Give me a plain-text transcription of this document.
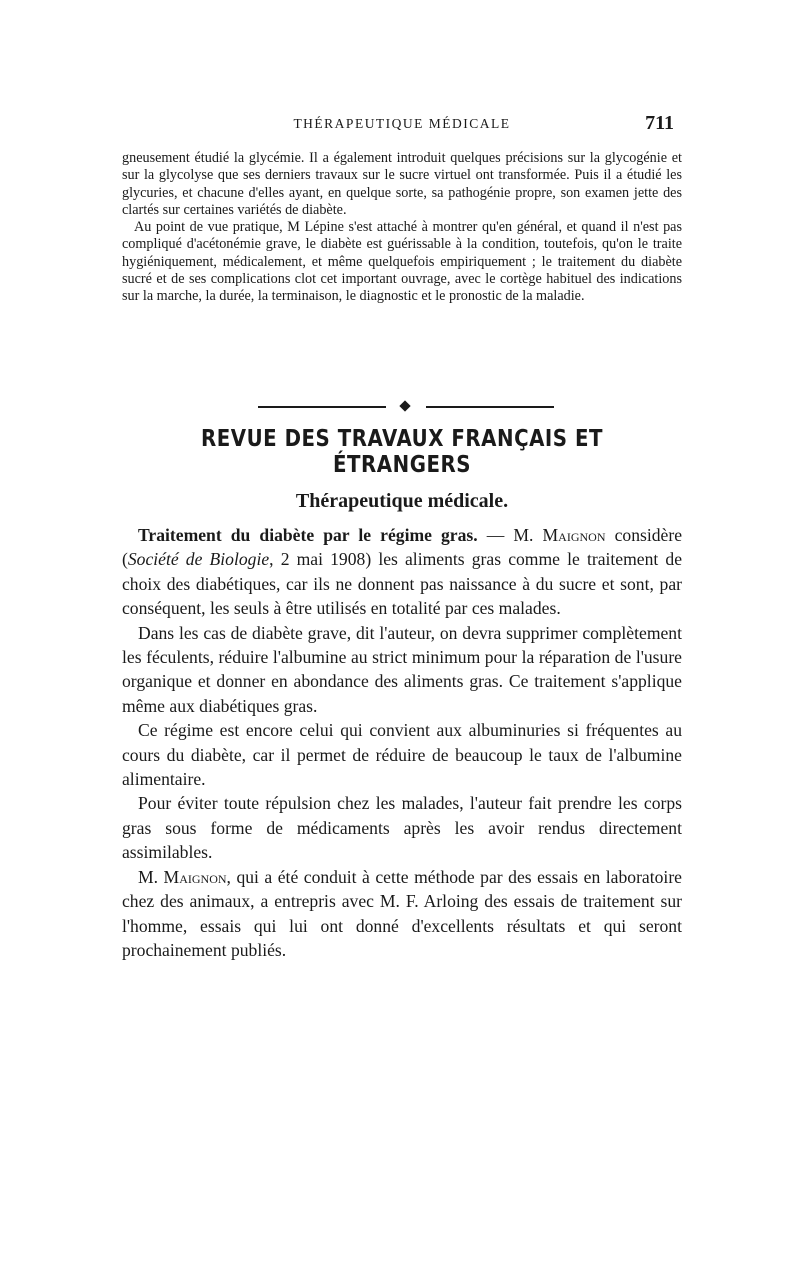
THÉRAPEUTIQUE MÉDICALE	711

gneusement étudié la glycémie. Il a également introduit quelques précisions sur la glycogénie et sur la glycolyse que ses derniers travaux sur le sucre virtuel ont transformée. Puis il a étudié les glycuries, et chacune d'elles ayant, en quelque sorte, sa pathogénie propre, son examen jette des clartés sur certaines variétés de diabète.

Au point de vue pratique, M Lépine s'est attaché à montrer qu'en général, et quand il n'est pas compliqué d'acétonémie grave, le diabète est guérissable à la condition, toutefois, qu'on le traite hygiéniquement, médicalement, et même quelquefois empiriquement ; le traitement du diabète sucré et de ses complications clot cet important ouvrage, avec le cortège habituel des indications sur la marche, la durée, la terminaison, le diagnostic et le pronostic de la maladie.

REVUE DES TRAVAUX FRANÇAIS ET ÉTRANGERS
Thérapeutique médicale.

Traitement du diabète par le régime gras. — M. Maignon considère (Société de Biologie, 2 mai 1908) les aliments gras comme le traitement de choix des diabétiques, car ils ne donnent pas naissance à du sucre et sont, par conséquent, les seuls à être utilisés en totalité par ces malades.

Dans les cas de diabète grave, dit l'auteur, on devra supprimer complètement les féculents, réduire l'albumine au strict minimum pour la réparation de l'usure organique et donner en abondance des aliments gras. Ce traitement s'applique même aux diabétiques gras.

Ce régime est encore celui qui convient aux albuminuries si fréquentes au cours du diabète, car il permet de réduire de beaucoup le taux de l'albumine alimentaire.

Pour éviter toute répulsion chez les malades, l'auteur fait prendre les corps gras sous forme de médicaments après les avoir rendus directement assimilables.

M. Maignon, qui a été conduit à cette méthode par des essais en laboratoire chez des animaux, a entrepris avec M. F. Arloing des essais de traitement sur l'homme, essais qui lui ont donné d'excellents résultats et qui seront prochainement publiés.
